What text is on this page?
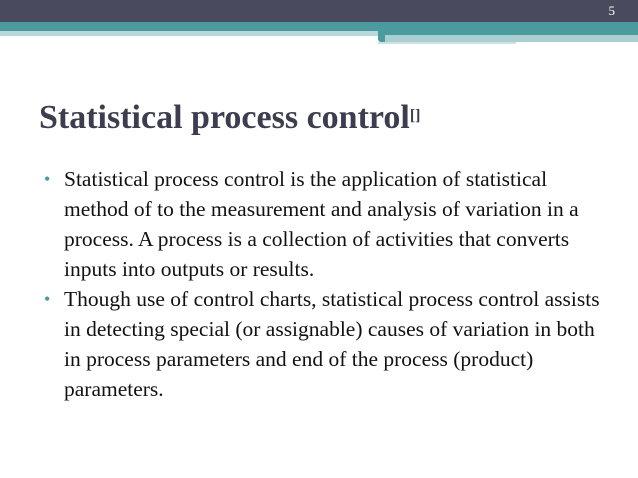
5
Statistical process control[]
• Statistical process control is the application of statistical method of to the measurement and analysis of variation in a process. A process is a collection of activities that converts inputs into outputs or results.
• Though use of control charts, statistical process control assists in detecting special (or assignable) causes of variation in both in process parameters and end of the process (product) parameters.
